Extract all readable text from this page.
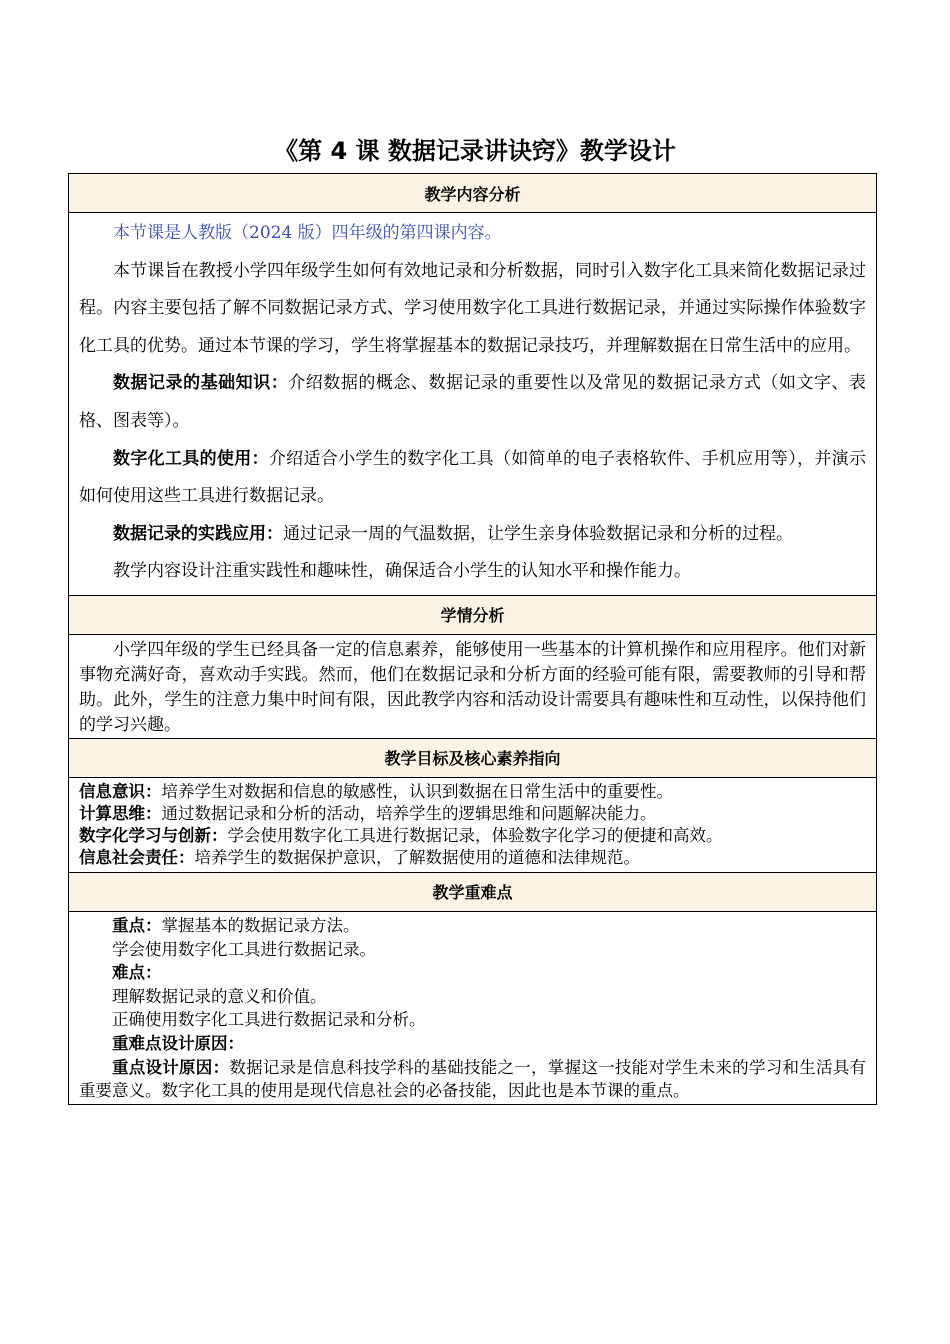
《第 4 课 数据记录讲诀窍》教学设计
教学内容分析

本节课是人教版（2024 版）四年级的第四课内容。

本节课旨在教授小学四年级学生如何有效地记录和分析数据，同时引入数字化工具来简化数据记录过程。内容主要包括了解不同数据记录方式、学习使用数字化工具进行数据记录，并通过实际操作体验数字化工具的优势。通过本节课的学习，学生将掌握基本的数据记录技巧，并理解数据在日常生活中的应用。

数据记录的基础知识：介绍数据的概念、数据记录的重要性以及常见的数据记录方式（如文字、表格、图表等）。

数字化工具的使用：介绍适合小学生的数字化工具（如简单的电子表格软件、手机应用等），并演示如何使用这些工具进行数据记录。

数据记录的实践应用：通过记录一周的气温数据，让学生亲身体验数据记录和分析的过程。

教学内容设计注重实践性和趣味性，确保适合小学生的认知水平和操作能力。

学情分析

小学四年级的学生已经具备一定的信息素养，能够使用一些基本的计算机操作和应用程序。他们对新事物充满好奇，喜欢动手实践。然而，他们在数据记录和分析方面的经验可能有限，需要教师的引导和帮助。此外，学生的注意力集中时间有限，因此教学内容和活动设计需要具有趣味性和互动性，以保持他们的学习兴趣。

教学目标及核心素养指向

信息意识：培养学生对数据和信息的敏感性，认识到数据在日常生活中的重要性。
计算思维：通过数据记录和分析的活动，培养学生的逻辑思维和问题解决能力。
数字化学习与创新：学会使用数字化工具进行数据记录，体验数字化学习的便捷和高效。
信息社会责任：培养学生的数据保护意识，了解数据使用的道德和法律规范。

教学重难点

重点：掌握基本的数据记录方法。
学会使用数字化工具进行数据记录。
难点：
理解数据记录的意义和价值。
正确使用数字化工具进行数据记录和分析。
重难点设计原因：
重点设计原因：数据记录是信息科技学科的基础技能之一，掌握这一技能对学生未来的学习和生活具有重要意义。数字化工具的使用是现代信息社会的必备技能，因此也是本节课的重点。
